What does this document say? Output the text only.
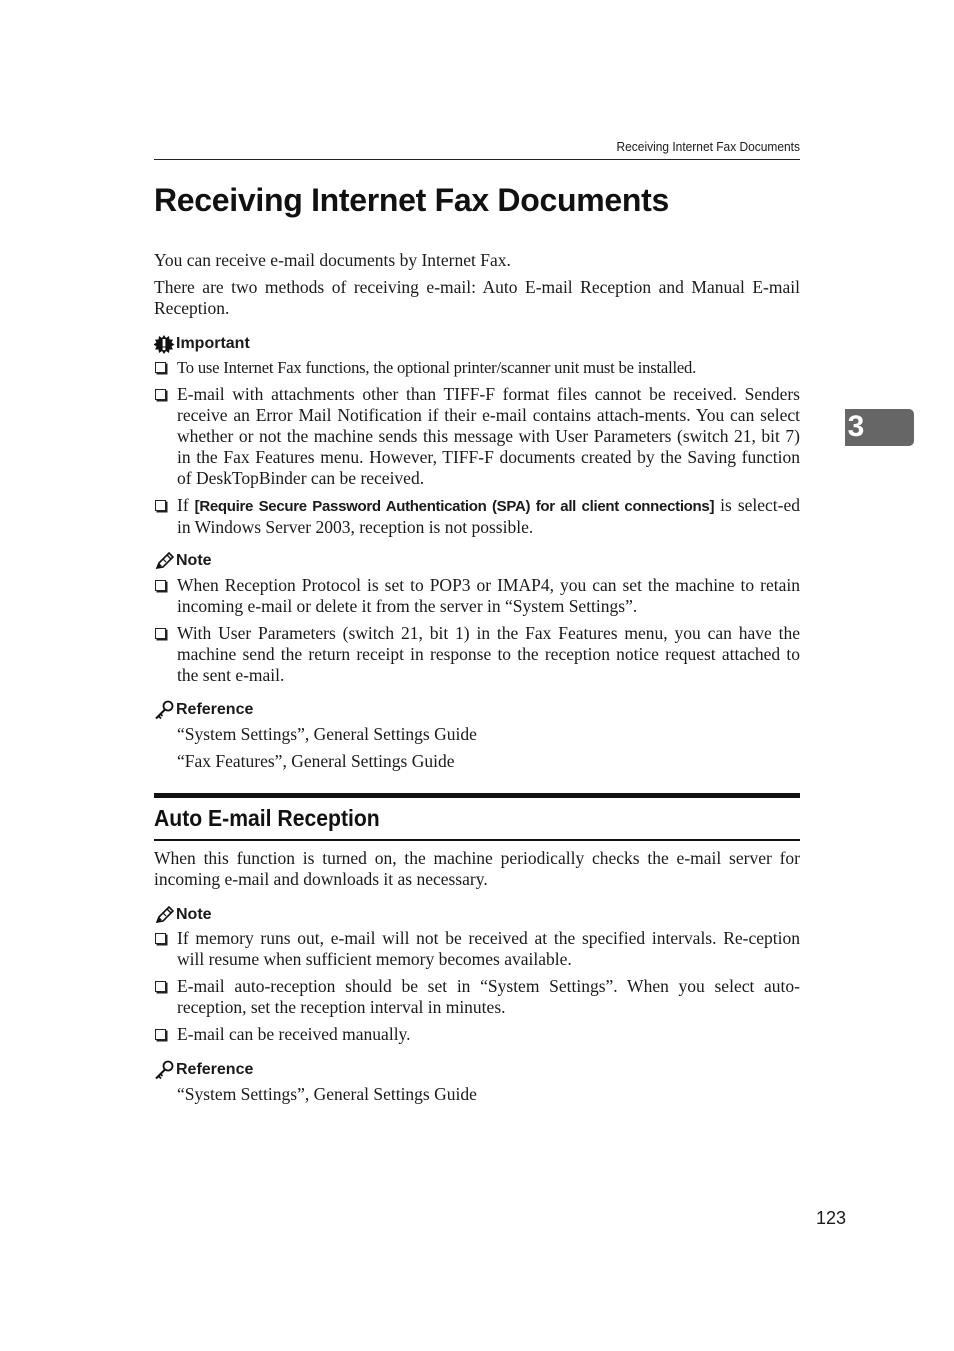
Receiving Internet Fax Documents
3
Receiving Internet Fax Documents

You can receive e-mail documents by Internet Fax.

There are two methods of receiving e-mail: Auto E-mail Reception and Manual E-mail Reception.

Important
To use Internet Fax functions, the optional printer/scanner unit must be installed.
E-mail with attachments other than TIFF-F format files cannot be received. Senders receive an Error Mail Notification if their e-mail contains attach-ments. You can select whether or not the machine sends this message with User Parameters (switch 21, bit 7) in the Fax Features menu. However, TIFF-F documents created by the Saving function of DeskTopBinder can be received.
If [Require Secure Password Authentication (SPA) for all client connections] is select-ed in Windows Server 2003, reception is not possible.
Note
When Reception Protocol is set to POP3 or IMAP4, you can set the machine to retain incoming e-mail or delete it from the server in “System Settings”.
With User Parameters (switch 21, bit 1) in the Fax Features menu, you can have the machine send the return receipt in response to the reception notice request attached to the sent e-mail.
Reference

“System Settings”, General Settings Guide

“Fax Features”, General Settings Guide

Auto E-mail Reception

When this function is turned on, the machine periodically checks the e-mail server for incoming e-mail and downloads it as necessary.

Note
If memory runs out, e-mail will not be received at the specified intervals. Re-ception will resume when sufficient memory becomes available.
E-mail auto-reception should be set in “System Settings”. When you select auto-reception, set the reception interval in minutes.
E-mail can be received manually.
Reference

“System Settings”, General Settings Guide

123
